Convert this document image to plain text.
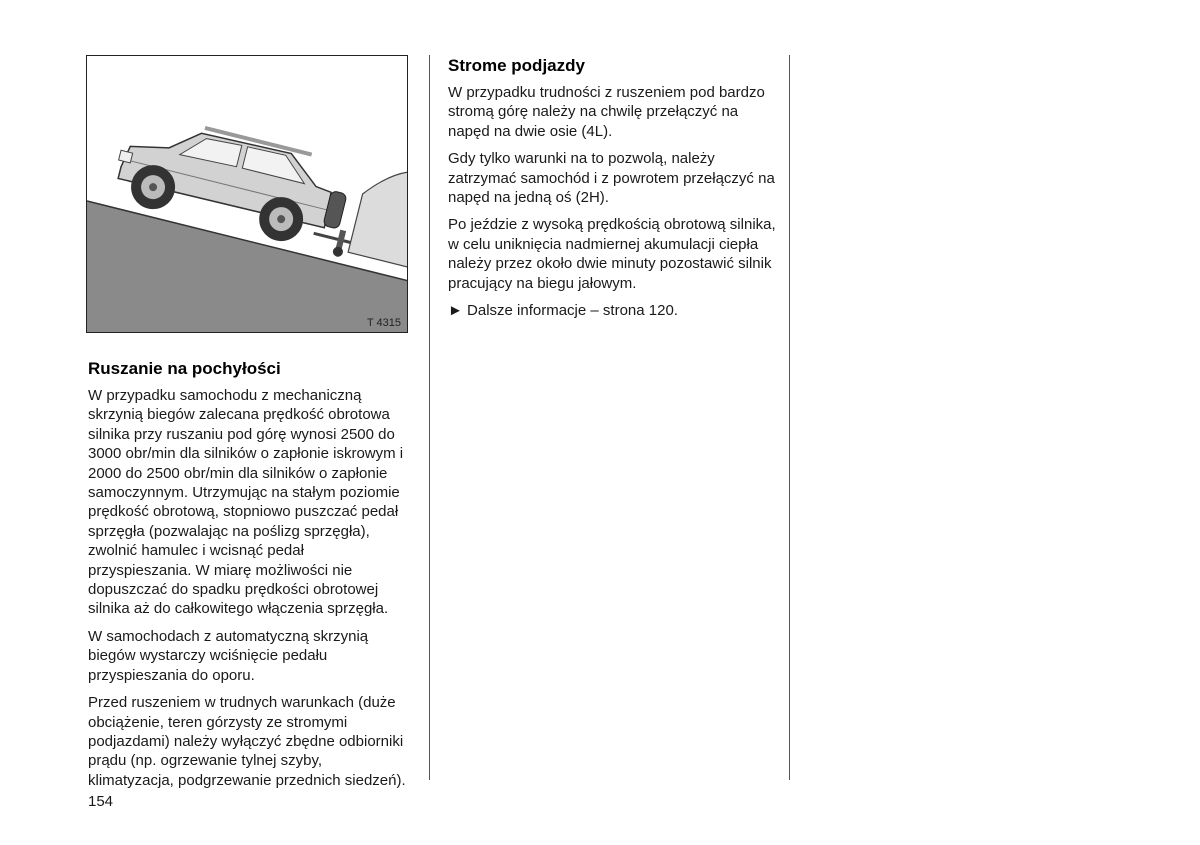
T 4315
Ruszanie na pochyłości

W przypadku samochodu z mechaniczną skrzynią biegów zalecana prędkość obrotowa silnika przy ruszaniu pod górę wynosi 2500 do 3000 obr/min dla silników o zapłonie iskrowym i 2000 do 2500 obr/min dla silników o zapłonie samoczynnym. Utrzymując na stałym poziomie prędkość obrotową, stopniowo puszczać pedał sprzęgła (pozwalając na poślizg sprzęgła), zwolnić hamulec i wcisnąć pedał przyspieszania. W miarę możliwości nie dopuszczać do spadku prędkości obrotowej silnika aż do całkowitego włączenia sprzęgła.

W samochodach z automatyczną skrzynią biegów wystarczy wciśnięcie pedału przyspieszania do oporu.

Przed ruszeniem w trudnych warunkach (duże obciążenie, teren górzysty ze stromymi podjazdami) należy wyłączyć zbędne odbiorniki prądu (np. ogrzewanie tylnej szyby, klimatyzacja, podgrzewanie przednich siedzeń).

Strome podjazdy

W przypadku trudności z ruszeniem pod bardzo stromą górę należy na chwilę przełączyć na napęd na dwie osie (4L).

Gdy tylko warunki na to pozwolą, należy zatrzymać samochód i z powrotem przełączyć na napęd na jedną oś (2H).

Po jeździe z wysoką prędkością obrotową silnika, w celu uniknięcia nadmiernej akumulacji ciepła należy przez około dwie minuty pozostawić silnik pracujący na biegu jałowym.

► Dalsze informacje – strona 120.

154
